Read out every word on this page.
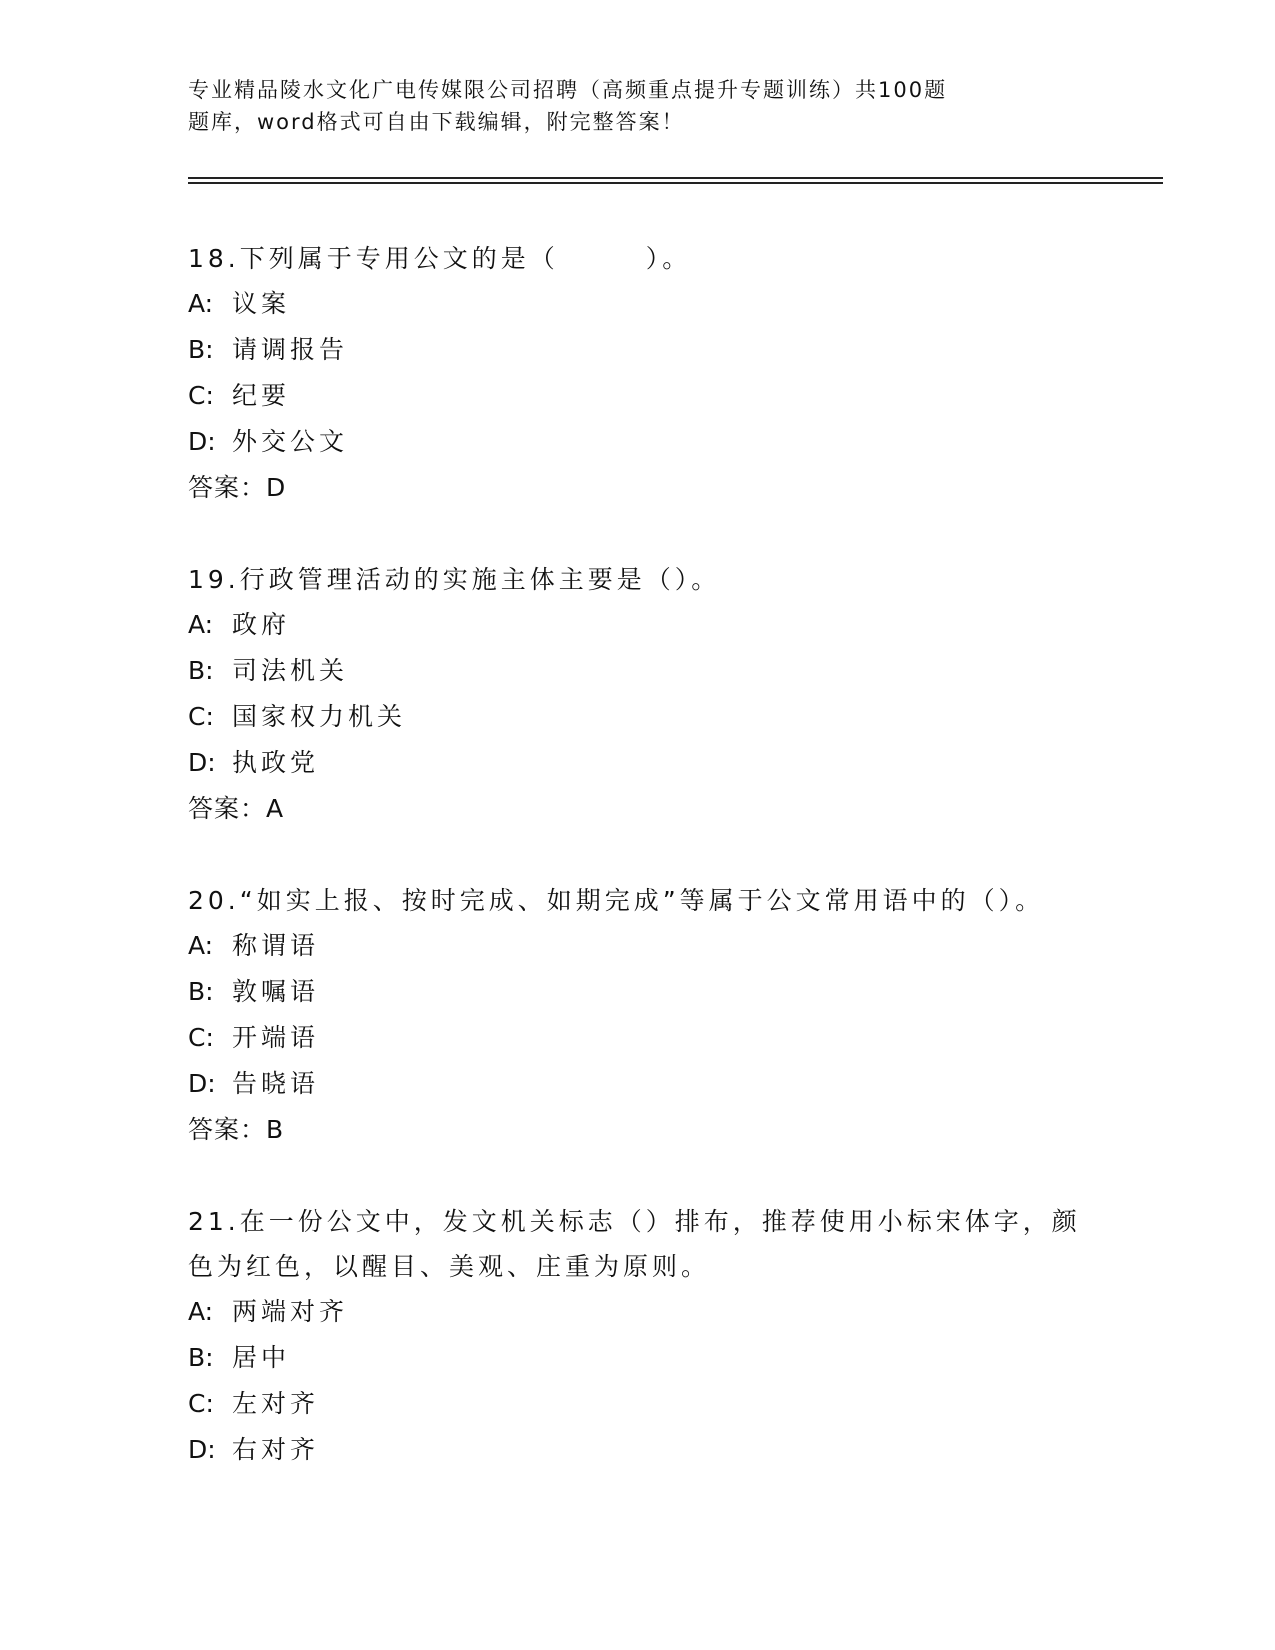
专业精品陵水文化广电传媒限公司招聘（高频重点提升专题训练）共100题
题库，word格式可自由下载编辑，附完整答案！

18.下列属于专用公文的是（　　　）。

A: 议案

B: 请调报告

C: 纪要

D: 外交公文

答案：D

19.行政管理活动的实施主体主要是（）。

A: 政府

B: 司法机关

C: 国家权力机关

D: 执政党

答案：A

20.“如实上报、按时完成、如期完成”等属于公文常用语中的（）。

A: 称谓语

B: 敦嘱语

C: 开端语

D: 告晓语

答案：B

21.在一份公文中，发文机关标志（）排布，推荐使用小标宋体字，颜色为红色，以醒目、美观、庄重为原则。

A: 两端对齐

B: 居中

C: 左对齐

D: 右对齐
